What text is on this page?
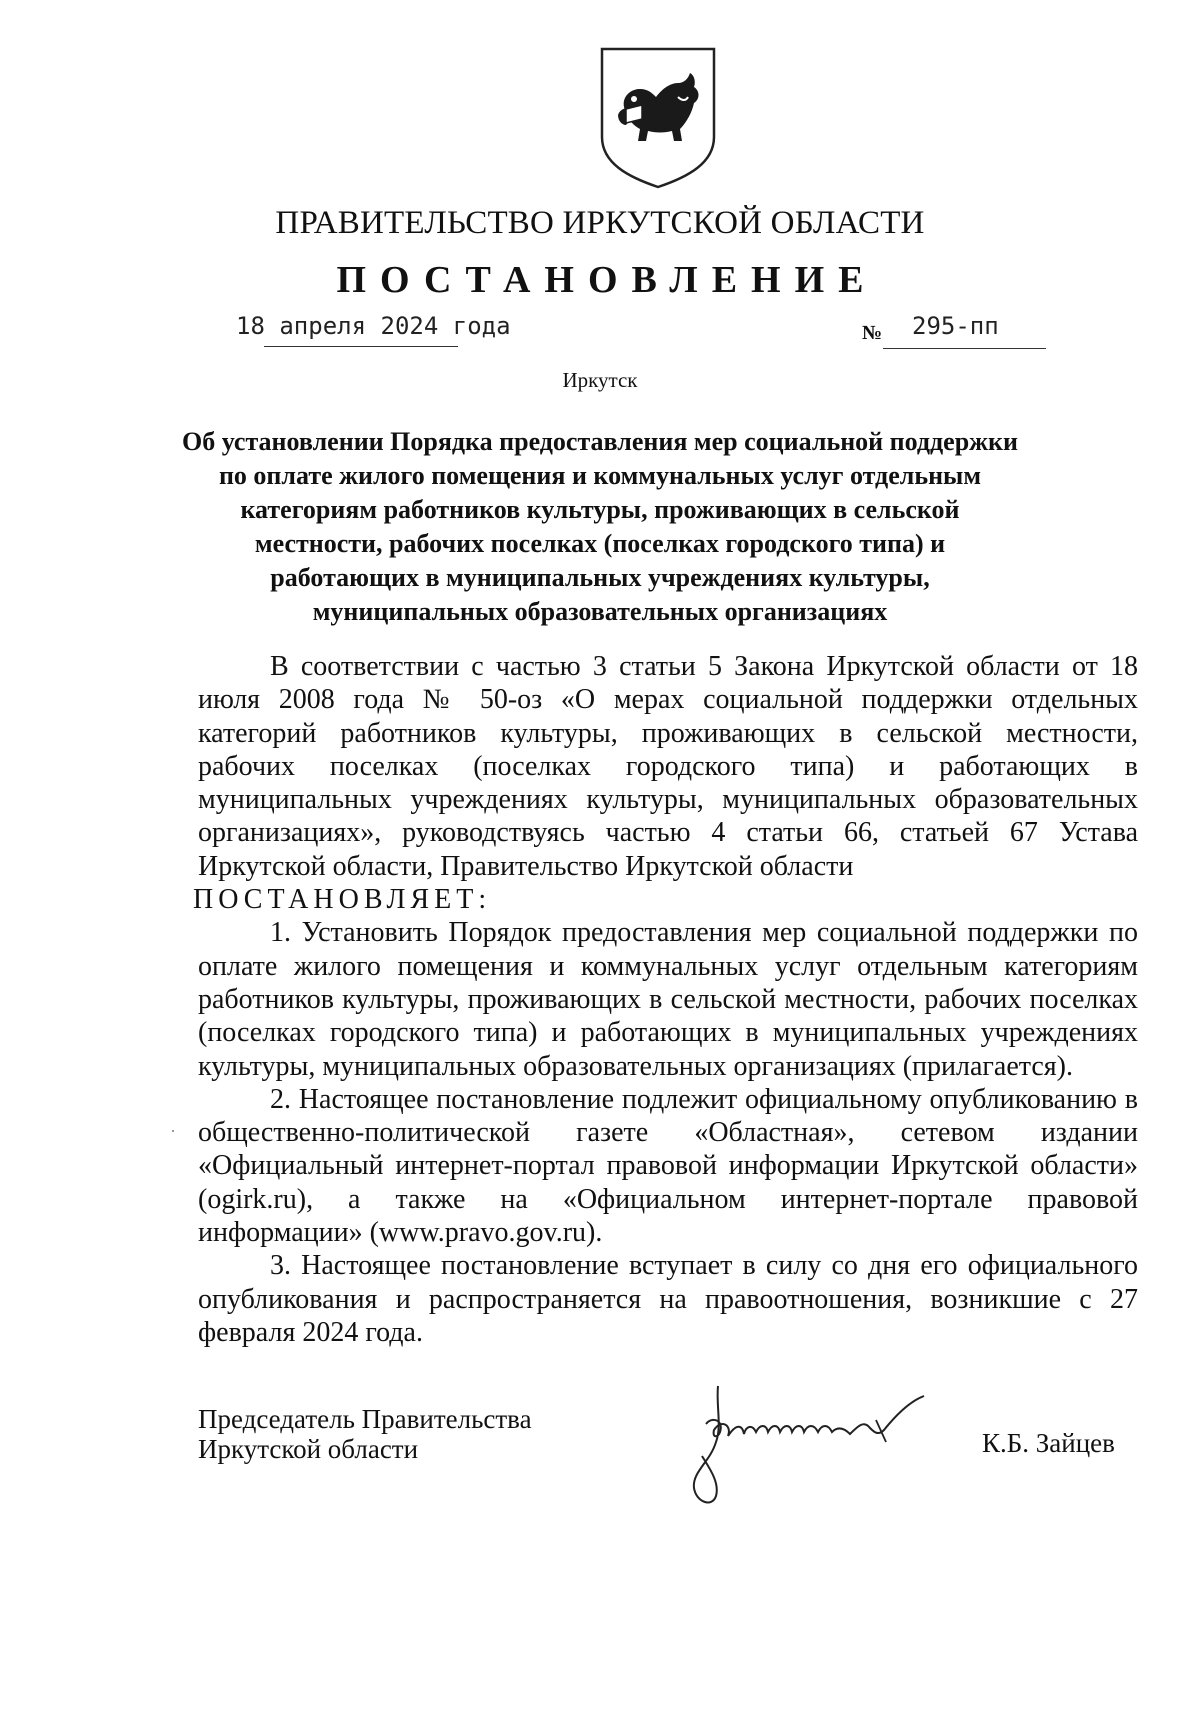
ПРАВИТЕЛЬСТВО ИРКУТСКОЙ ОБЛАСТИ
ПОСТАНОВЛЕНИЕ
18 апреля 2024 года	№ 295-пп
Иркутск
Об установлении Порядка предоставления мер социальной поддержки по оплате жилого помещения и коммунальных услуг отдельным категориям работников культуры, проживающих в сельской местности, рабочих поселках (поселках городского типа) и работающих в муниципальных учреждениях культуры, муниципальных образовательных организациях

В соответствии с частью 3 статьи 5 Закона Иркутской области от 18 июля 2008 года № 50-оз «О мерах социальной поддержки отдельных категорий работников культуры, проживающих в сельской местности, рабочих поселках (поселках городского типа) и работающих в муниципальных учреждениях культуры, муниципальных образовательных организациях», руководствуясь частью 4 статьи 66, статьей 67 Устава Иркутской области, Правительство Иркутской области

ПОСТАНОВЛЯЕТ:

1. Установить Порядок предоставления мер социальной поддержки по оплате жилого помещения и коммунальных услуг отдельным категориям работников культуры, проживающих в сельской местности, рабочих поселках (поселках городского типа) и работающих в муниципальных учреждениях культуры, муниципальных образовательных организациях (прилагается).

2. Настоящее постановление подлежит официальному опубликованию в общественно-политической газете «Областная», сетевом издании «Официальный интернет-портал правовой информации Иркутской области» (ogirk.ru), а также на «Официальном интернет-портале правовой информации» (www.pravo.gov.ru).

3. Настоящее постановление вступает в силу со дня его официального опубликования и распространяется на правоотношения, возникшие с 27 февраля 2024 года.

Председатель Правительства
Иркутской области	К.Б. Зайцев
